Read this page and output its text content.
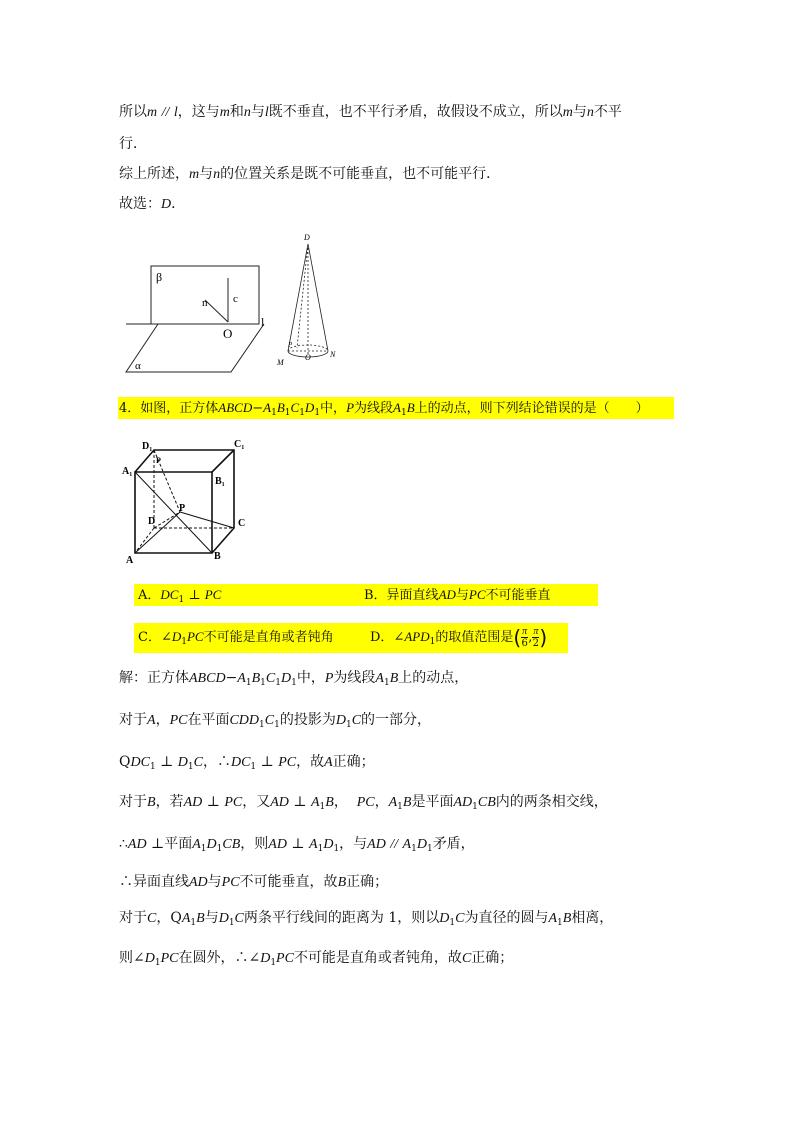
所以m // l，这与m和n与l既不垂直，也不平行矛盾，故假设不成立，所以m与n不平
行．
综上所述，m与n的位置关系是既不可能垂直，也不可能平行．
故选：D．
β
α
n c
O
l
D
P
O
M
N
4．如图，正方体$ABCD-A_1B_1C_1D_1$中，P为线段$A_1B$上的动点，则下列结论错误的是（　　）
$D_1$	$C_1$
$A_1$
$B_1$
P
P
D	C
A	B
A．$DC_1$ ⊥ PC	B．异面直线AD与PC不可能垂直
C．$\angle D_1PC$不可能是直角或者钝角	D．$\angle APD_1$的取值范围是( $\frac{\pi}{6}$ , $\frac{\pi}{2}$ )
解：正方体$ABCD-A_1B_1C_1D_1$中，P为线段$A_1B$上的动点，
对于A，PC在平面$CDD_1C_1$的投影为$D_1C$的一部分，
$QDC_1$ ⊥ $D_1C$，$\therefore DC_1$ ⊥ PC，故A正确；
对于B，若AD ⊥ PC，又AD ⊥ $A_1B$， PC，$A_1B$是平面$AD_1CB$内的两条相交线，
∴AD ⊥平面$A_1D_1CB$，则AD ⊥ $A_1D_1$，与AD // $A_1D_1$矛盾，
∴异面直线AD与PC不可能垂直，故B正确；
对于C，$QA_1B$与$D_1C$两条平行线间的距离为 1，则以$D_1C$为直径的圆与$A_1B$相离，
则$\angle D_1PC$在圆外，$\therefore\angle D_1PC$不可能是直角或者钝角，故C正确；
